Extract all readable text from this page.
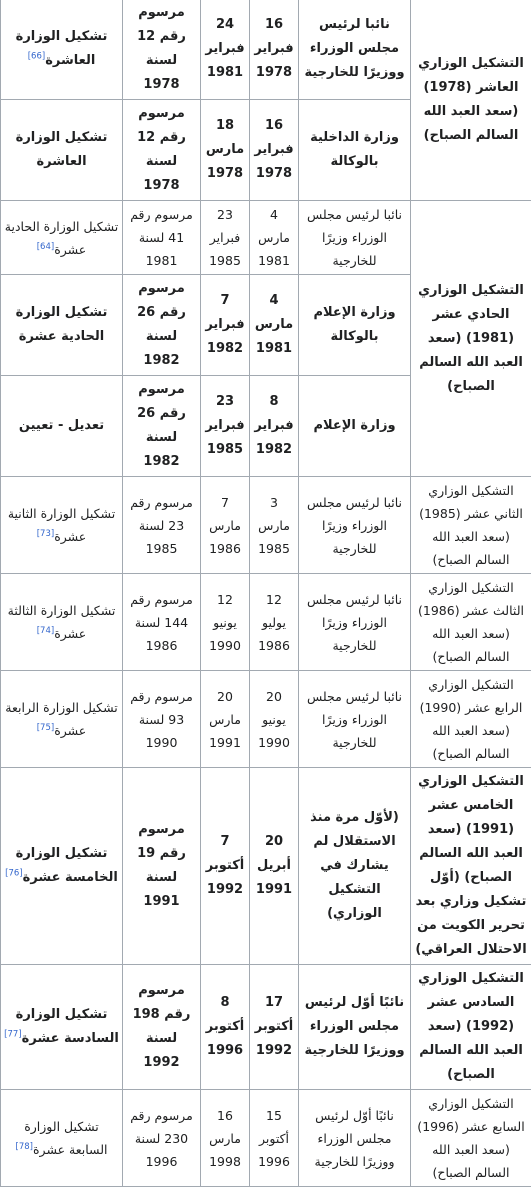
التشكيل الوزاري العاشر (1978) (سعد العبد الله السالم الصباح)	نائبا لرئيس مجلس الوزراء ووزيرًا للخارجية	16 فبراير 1978	24 فبراير 1981	مرسوم رقم 12 لسنة 1978	تشكيل الوزارة العاشرة[66]
	وزارة الداخلية بالوكالة	16 فبراير 1978	18 مارس 1978	مرسوم رقم 12 لسنة 1978	تشكيل الوزارة العاشرة
التشكيل الوزاري الحادي عشر (1981) (سعد العبد الله السالم الصباح)	نائبا لرئيس مجلس الوزراء وزيرًا للخارجية	4 مارس 1981	23 فبراير 1985	مرسوم رقم 41 لسنة 1981	تشكيل الوزارة الحادية عشرة[64]
	وزارة الإعلام بالوكالة	4 مارس 1981	7 فبراير 1982	مرسوم رقم 26 لسنة 1982	تشكيل الوزارة الحادية عشرة
	وزارة الإعلام	8 فبراير 1982	23 فبراير 1985	مرسوم رقم 26 لسنة 1982	تعديل - تعيين
التشكيل الوزاري الثاني عشر (1985) (سعد العبد الله السالم الصباح)	نائبا لرئيس مجلس الوزراء وزيرًا للخارجية	3 مارس 1985	7 مارس 1986	مرسوم رقم 23 لسنة 1985	تشكيل الوزارة الثانية عشرة[73]
التشكيل الوزاري الثالث عشر (1986) (سعد العبد الله السالم الصباح)	نائبا لرئيس مجلس الوزراء وزيرًا للخارجية	12 يوليو 1986	12 يونيو 1990	مرسوم رقم 144 لسنة 1986	تشكيل الوزارة الثالثة عشرة[74]
التشكيل الوزاري الرابع عشر (1990) (سعد العبد الله السالم الصباح)	نائبا لرئيس مجلس الوزراء وزيرًا للخارجية	20 يونيو 1990	20 مارس 1991	مرسوم رقم 93 لسنة 1990	تشكيل الوزارة الرابعة عشرة[75]
التشكيل الوزاري الخامس عشر (1991) (سعد العبد الله السالم الصباح) (أوّل تشكيل وزاري بعد تحرير الكويت من الاحتلال العراقي)	(لأوّل مرة منذ الاستقلال لم يشارك في التشكيل الوزاري)	20 أبريل 1991	7 أكتوبر 1992	مرسوم رقم 19 لسنة 1991	تشكيل الوزارة الخامسة عشرة[76]
التشكيل الوزاري السادس عشر (1992) (سعد العبد الله السالم الصباح)	نائبًا أوّل لرئيس مجلس الوزراء ووزيرًا للخارجية	17 أكتوبر 1992	8 أكتوبر 1996	مرسوم رقم 198 لسنة 1992	تشكيل الوزارة السادسة عشرة[77]
التشكيل الوزاري السابع عشر (1996) (سعد العبد الله السالم الصباح)	نائبًا أوّل لرئيس مجلس الوزراء ووزيرًا للخارجية	15 أكتوبر 1996	16 مارس 1998	مرسوم رقم 230 لسنة 1996	تشكيل الوزارة السابعة عشرة[78]
